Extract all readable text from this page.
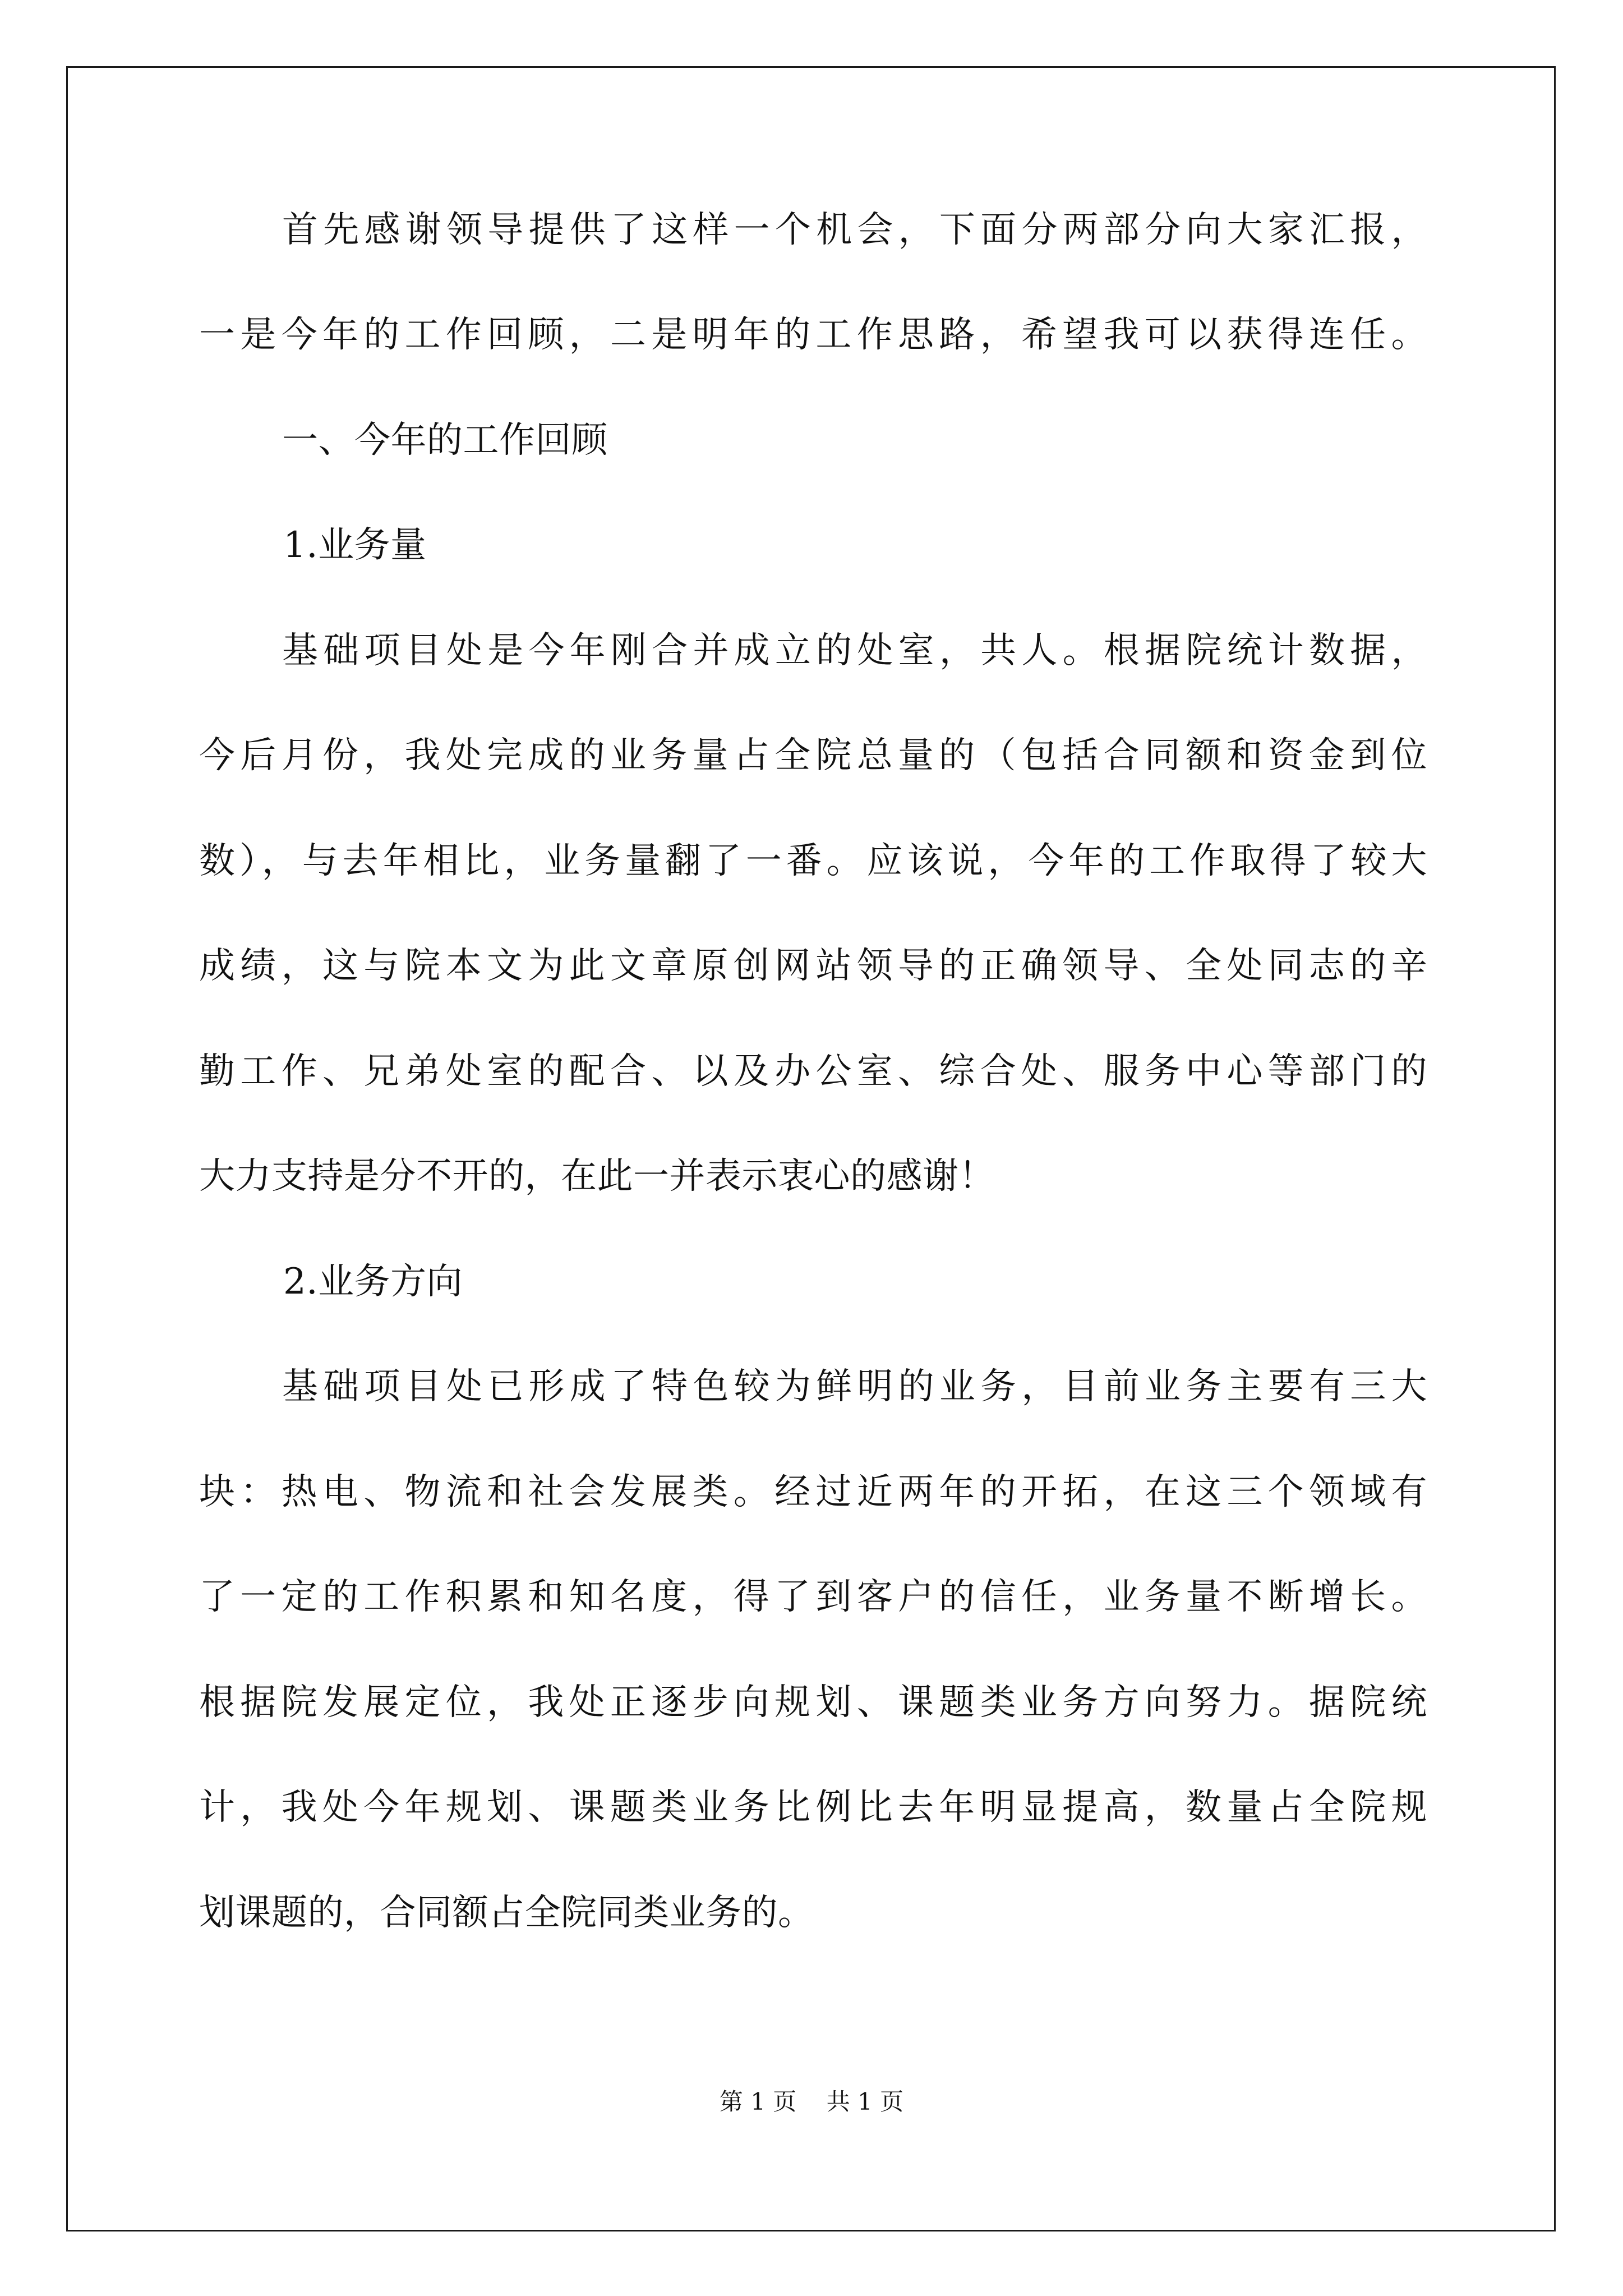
首先感谢领导提供了这样一个机会，下面分两部分向大家汇报，
一是今年的工作回顾，二是明年的工作思路，希望我可以获得连任。
一、今年的工作回顾
1.业务量
基础项目处是今年刚合并成立的处室，共人。根据院统计数据，
今后月份，我处完成的业务量占全院总量的（包括合同额和资金到位
数），与去年相比，业务量翻了一番。应该说，今年的工作取得了较大
成绩，这与院本文为此文章原创网站领导的正确领导、全处同志的辛
勤工作、兄弟处室的配合、以及办公室、综合处、服务中心等部门的
大力支持是分不开的，在此一并表示衷心的感谢！
2.业务方向
基础项目处已形成了特色较为鲜明的业务，目前业务主要有三大
块：热电、物流和社会发展类。经过近两年的开拓，在这三个领域有
了一定的工作积累和知名度，得了到客户的信任，业务量不断增长。
根据院发展定位，我处正逐步向规划、课题类业务方向努力。据院统
计，我处今年规划、课题类业务比例比去年明显提高，数量占全院规
划课题的，合同额占全院同类业务的。
第 1 页    共 1 页
